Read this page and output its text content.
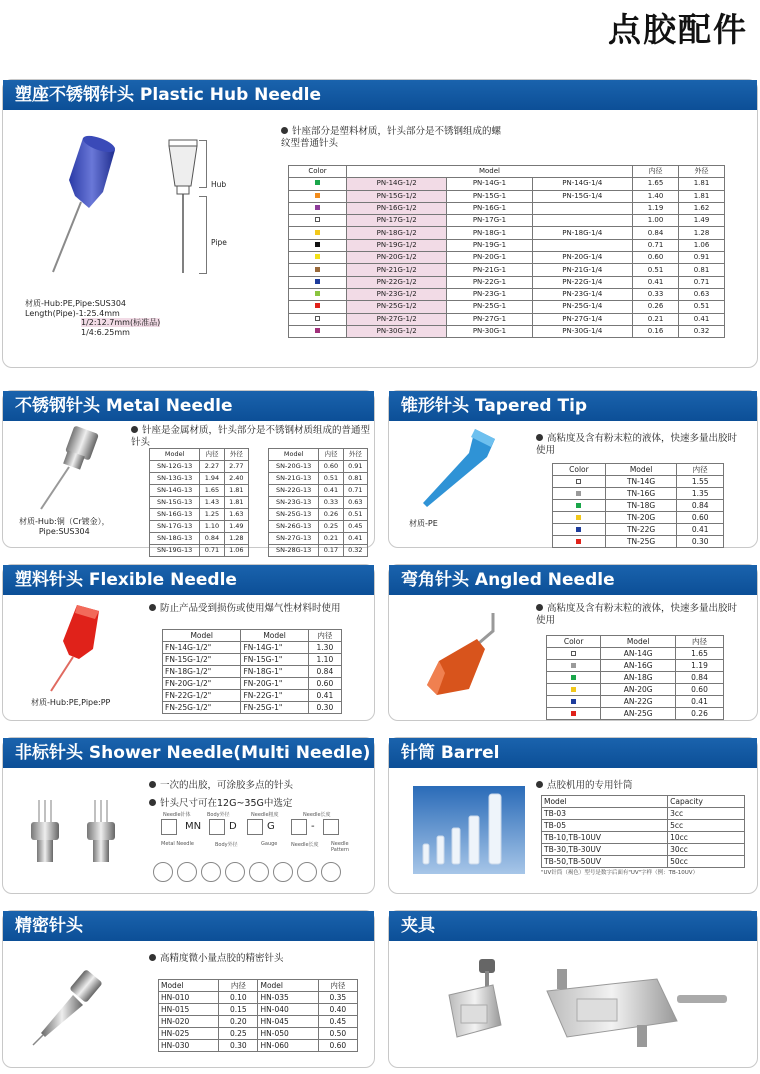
点胶配件
塑座不锈钢针头 Plastic Hub Needle
Hub
Pipe
材质-Hub:PE,Pipe:SUS304
Length(Pipe)-1:25.4mm
1/2:12.7mm(标准品)
1/4:6.25mm
针座部分是塑料材质，针头部分是不锈钢组成的螺纹型普通针头
Color	Model			内径	外径
	PN-14G-1/2	PN-14G-1	PN-14G-1/4	1.65	1.81
	PN-15G-1/2	PN-15G-1	PN-15G-1/4	1.40	1.81
	PN-16G-1/2	PN-16G-1		1.19	1.62
	PN-17G-1/2	PN-17G-1		1.00	1.49
	PN-18G-1/2	PN-18G-1	PN-18G-1/4	0.84	1.28
	PN-19G-1/2	PN-19G-1		0.71	1.06
	PN-20G-1/2	PN-20G-1	PN-20G-1/4	0.60	0.91
	PN-21G-1/2	PN-21G-1	PN-21G-1/4	0.51	0.81
	PN-22G-1/2	PN-22G-1	PN-22G-1/4	0.41	0.71
	PN-23G-1/2	PN-23G-1	PN-23G-1/4	0.33	0.63
	PN-25G-1/2	PN-25G-1	PN-25G-1/4	0.26	0.51
	PN-27G-1/2	PN-27G-1	PN-27G-1/4	0.21	0.41
	PN-30G-1/2	PN-30G-1	PN-30G-1/4	0.16	0.32
不锈钢针头 Metal Needle
材质-Hub:铜（Cr镀金），
Pipe:SUS304
针座是金属材质，针头部分是不锈钢材质组成的普通型针头
Model	内径	外径
SN-12G-13	2.27	2.77
SN-13G-13	1.94	2.40
SN-14G-13	1.65	1.81
SN-15G-13	1.43	1.81
SN-16G-13	1.25	1.63
SN-17G-13	1.10	1.49
SN-18G-13	0.84	1.28
SN-19G-13	0.71	1.06
Model	内径	外径
SN-20G-13	0.60	0.91
SN-21G-13	0.51	0.81
SN-22G-13	0.41	0.71
SN-23G-13	0.33	0.63
SN-25G-13	0.26	0.51
SN-26G-13	0.25	0.45
SN-27G-13	0.21	0.41
SN-28G-13	0.17	0.32
锥形针头 Tapered Tip
材质-PE
高粘度及含有粉末粒的液体，快速多量出胶时使用
Color	Model	内径
	TN-14G	1.55
	TN-16G	1.35
	TN-18G	0.84
	TN-20G	0.60
	TN-22G	0.41
	TN-25G	0.30
塑料针头 Flexible Needle
材质-Hub:PE,Pipe:PP
防止产品受到损伤或使用爆气性材料时使用
Model	Model	内径
FN-14G-1/2"	FN-14G-1"	1.30
FN-15G-1/2"	FN-15G-1"	1.10
FN-18G-1/2"	FN-18G-1"	0.84
FN-20G-1/2"	FN-20G-1"	0.60
FN-22G-1/2"	FN-22G-1"	0.41
FN-25G-1/2"	FN-25G-1"	0.30
弯角针头 Angled Needle
高粘度及含有粉末粒的液体，快速多量出胶时使用
Color	Model	内径
	AN-14G	1.65
	AN-16G	1.19
	AN-18G	0.84
	AN-20G	0.60
	AN-22G	0.41
	AN-25G	0.26
非标针头 Shower Needle(Multi Needle)
一次的出胶，可涂胶多点的针头
针头尺寸可在12G~35G中选定
Needle针体	Body外径	Needle粗度	Needle长度
MN	D	G	-
Metal Needle	Body外径	Gauge	Needle长度 Needle Pattern
针筒 Barrel
点胶机用的专用针筒
Model	Capacity
TB-03	3cc
TB-05	5cc
TB-10,TB-10UV	10cc
TB-30,TB-30UV	30cc
TB-50,TB-50UV	50cc
"UV针筒（褐色）型号是数字后面有"UV"字样（例：TB-10UV）
精密针头
高精度微小量点胶的精密针头
Model	内径	Model	内径
HN-010	0.10	HN-035	0.35
HN-015	0.15	HN-040	0.40
HN-020	0.20	HN-045	0.45
HN-025	0.25	HN-050	0.50
HN-030	0.30	HN-060	0.60
夹具
